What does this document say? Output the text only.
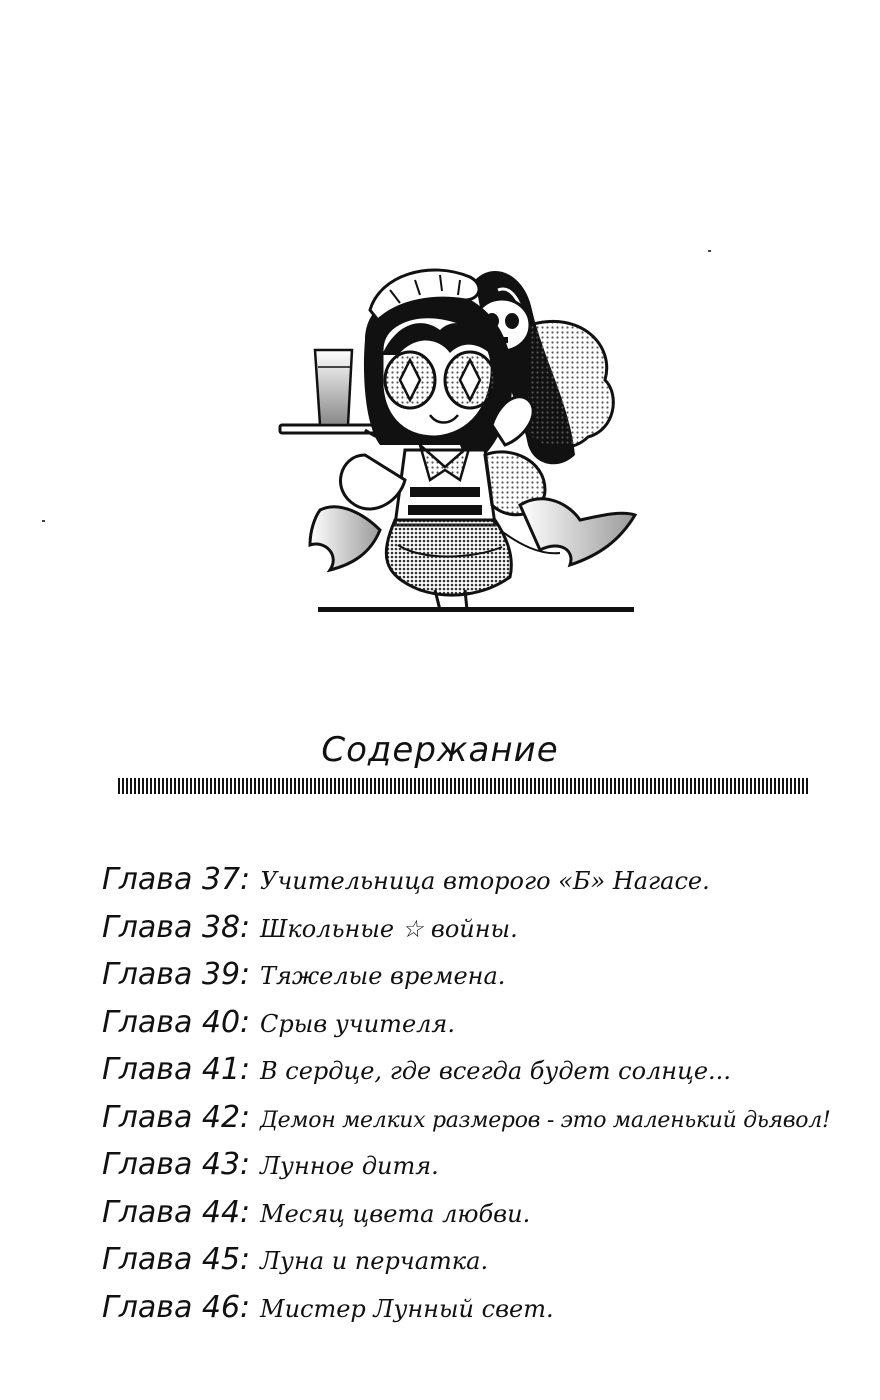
Содержание
Глава 37: Учительница второго «Б» Нагасе.
Глава 38: Школьные ☆ войны.
Глава 39: Тяжелые времена.
Глава 40: Срыв учителя.
Глава 41: В сердце, где всегда будет солнце...
Глава 42: Демон мелких размеров - это маленький дьявол!
Глава 43: Лунное дитя.
Глава 44: Месяц цвета любви.
Глава 45: Луна и перчатка.
Глава 46: Мистер Лунный свет.
